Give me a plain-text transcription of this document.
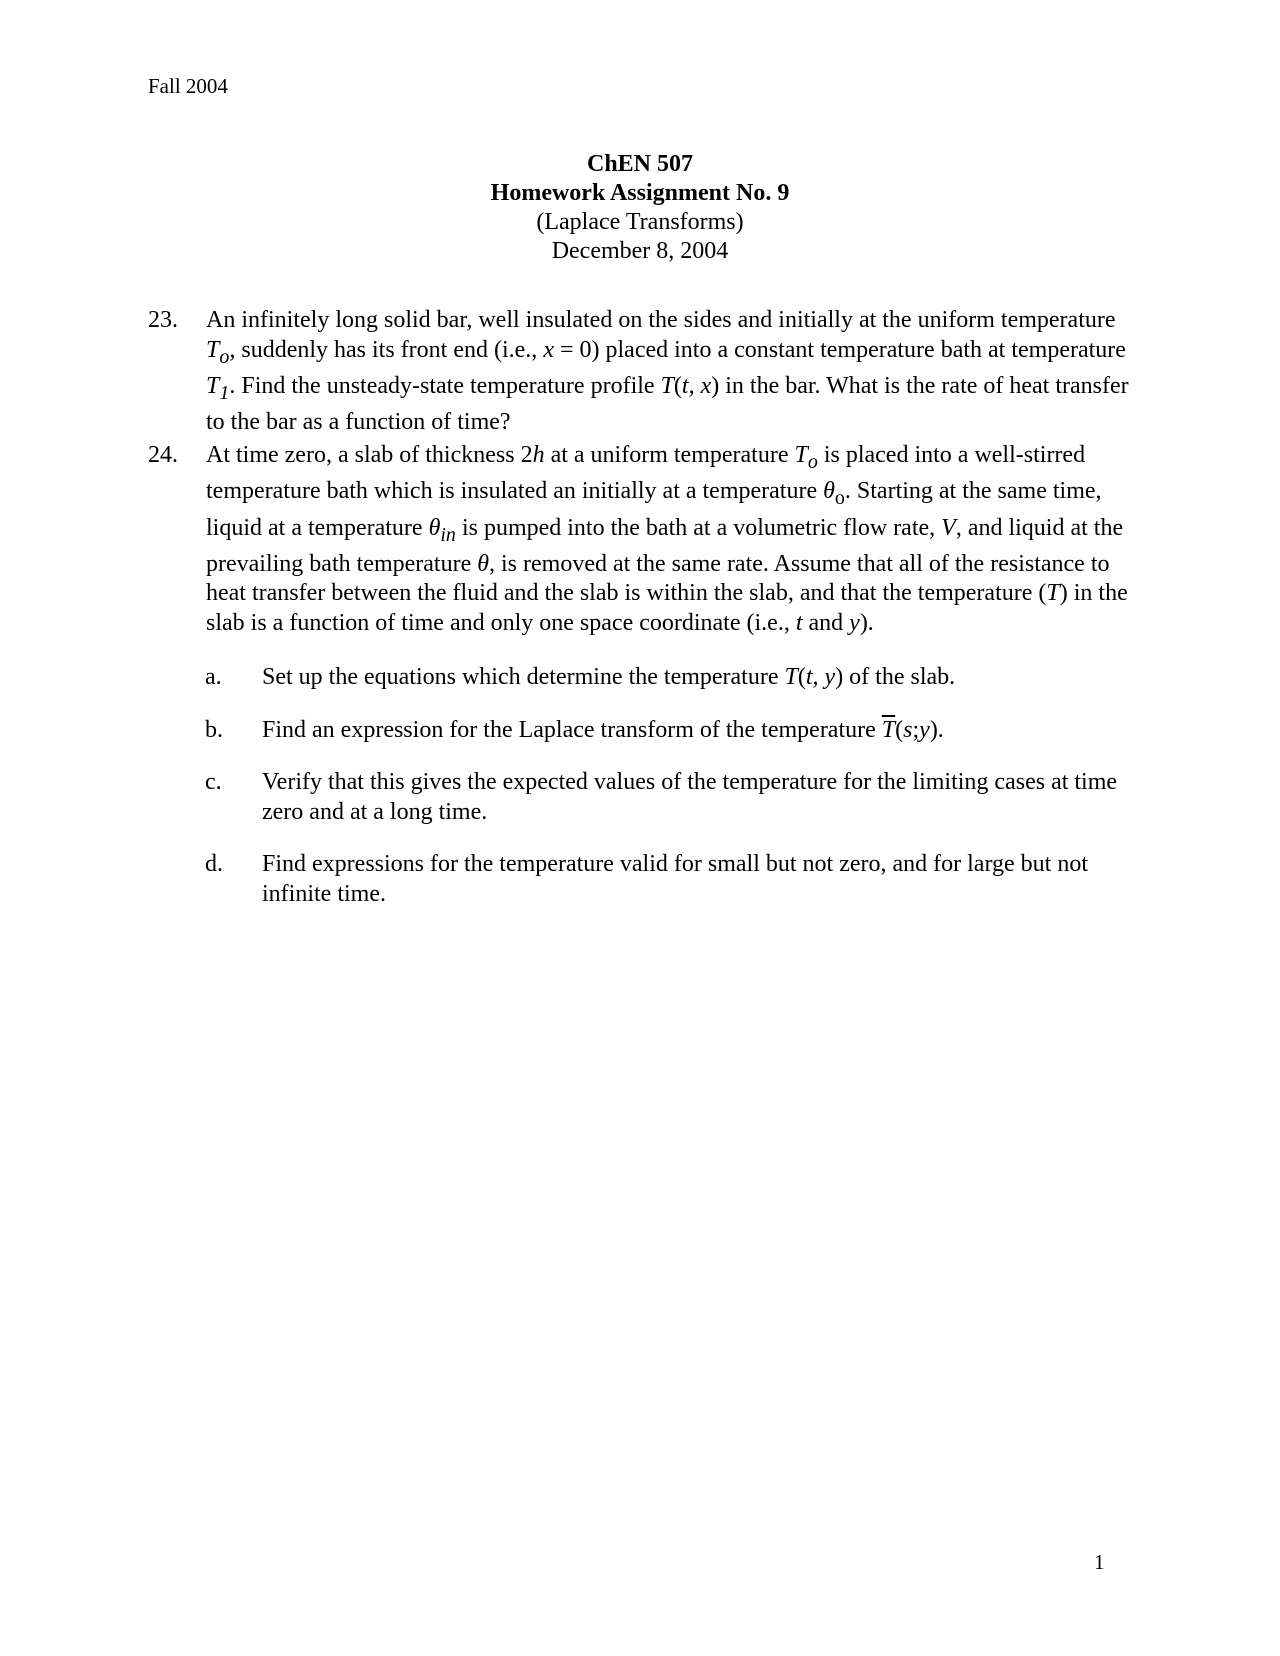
Fall 2004
ChEN 507
Homework Assignment No. 9
(Laplace Transforms)
December 8, 2004
23. An infinitely long solid bar, well insulated on the sides and initially at the uniform temperature $T_o$, suddenly has its front end (i.e., x = 0) placed into a constant temperature bath at temperature $T_1$. Find the unsteady-state temperature profile T(t, x) in the bar. What is the rate of heat transfer to the bar as a function of time?
24. At time zero, a slab of thickness 2h at a uniform temperature $T_o$ is placed into a well-stirred temperature bath which is insulated an initially at a temperature $\theta_o$. Starting at the same time, liquid at a temperature $\theta_{in}$ is pumped into the bath at a volumetric flow rate, V, and liquid at the prevailing bath temperature θ, is removed at the same rate. Assume that all of the resistance to heat transfer between the fluid and the slab is within the slab, and that the temperature (T) in the slab is a function of time and only one space coordinate (i.e., t and y).
a. Set up the equations which determine the temperature T(t, y) of the slab.
b. Find an expression for the Laplace transform of the temperature $\overline{T}(s;y)$.
c. Verify that this gives the expected values of the temperature for the limiting cases at time zero and at a long time.
d. Find expressions for the temperature valid for small but not zero, and for large but not infinite time.
1
